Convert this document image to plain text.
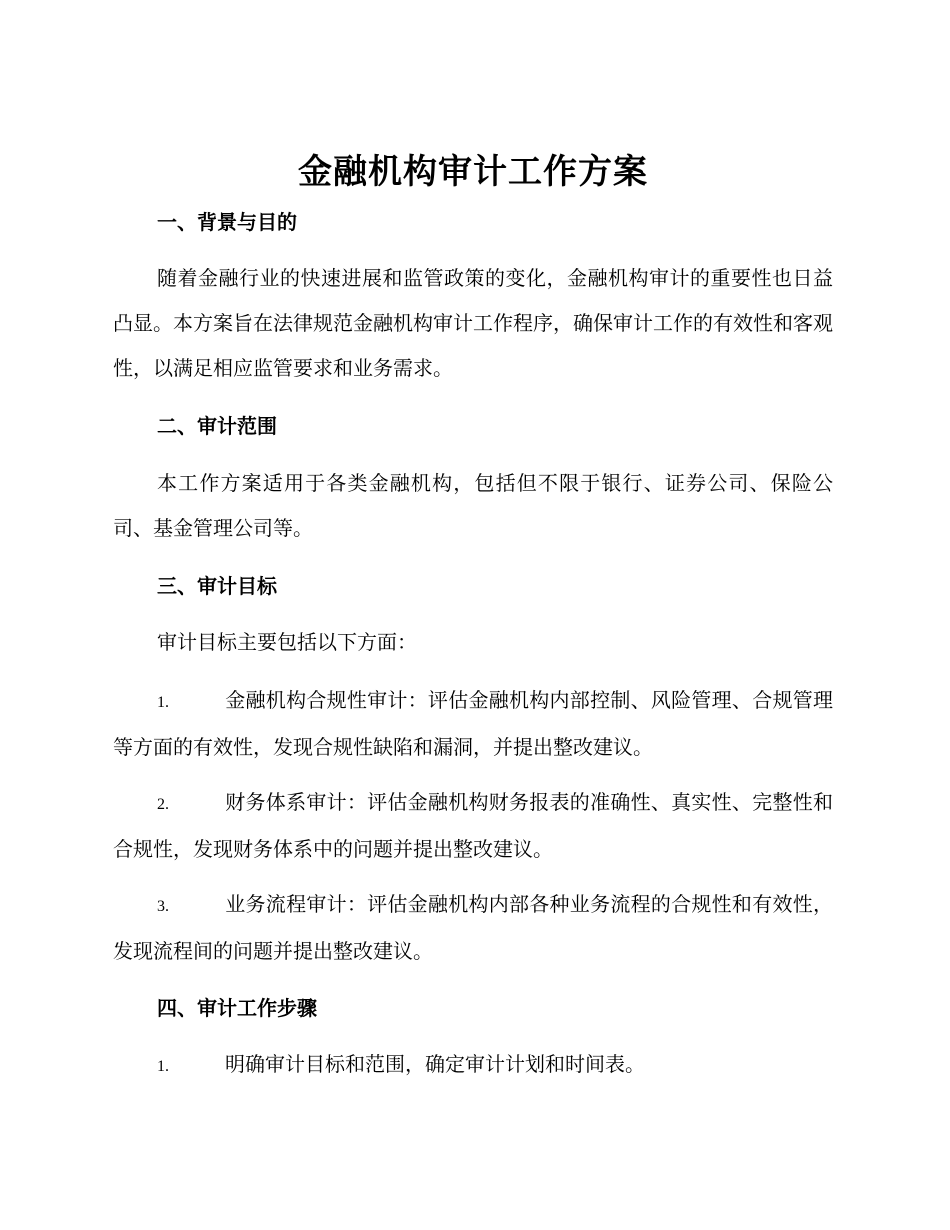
金融机构审计工作方案
一、背景与目的

随着金融行业的快速进展和监管政策的变化，金融机构审计的重要性也日益凸显。本方案旨在法律规范金融机构审计工作程序，确保审计工作的有效性和客观性，以满足相应监管要求和业务需求。

二、审计范围

本工作方案适用于各类金融机构，包括但不限于银行、证券公司、保险公司、基金管理公司等。

三、审计目标

审计目标主要包括以下方面：

1.	金融机构合规性审计：评估金融机构内部控制、风险管理、合规管理等方面的有效性，发现合规性缺陷和漏洞，并提出整改建议。

2.	财务体系审计：评估金融机构财务报表的准确性、真实性、完整性和合规性，发现财务体系中的问题并提出整改建议。

3.	业务流程审计：评估金融机构内部各种业务流程的合规性和有效性，发现流程间的问题并提出整改建议。

四、审计工作步骤

1.	明确审计目标和范围，确定审计计划和时间表。
